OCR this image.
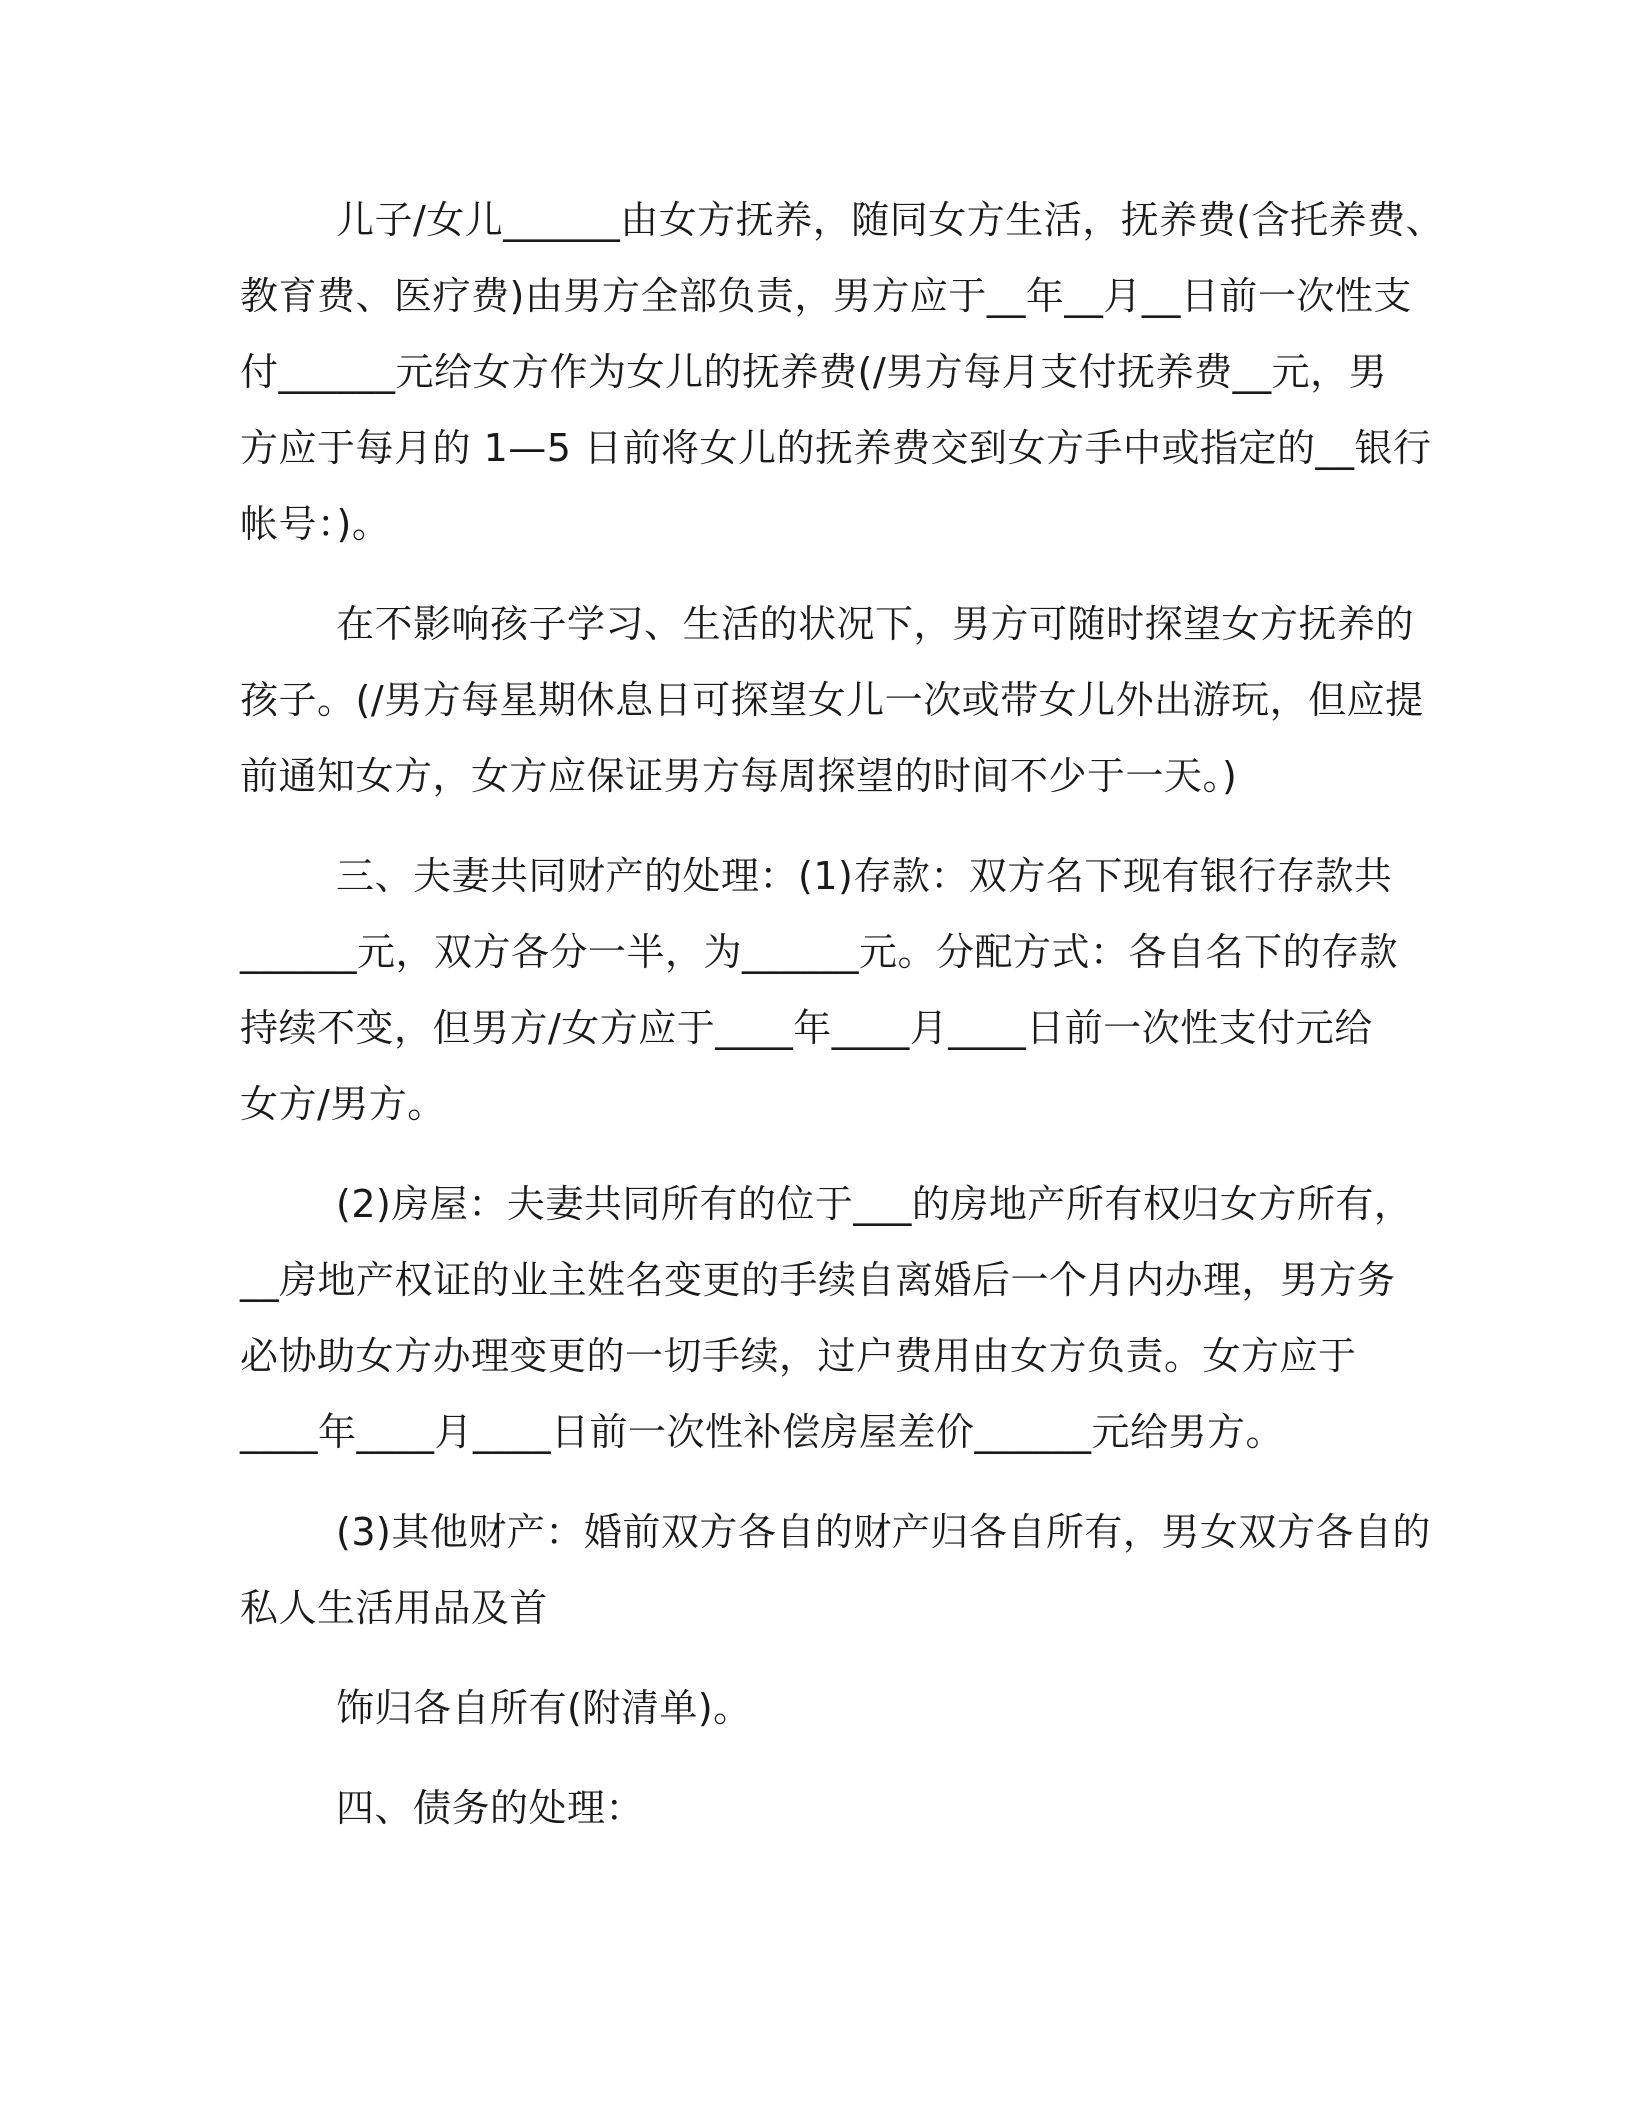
儿子/女儿______由女方抚养，随同女方生活，抚养费(含托养费、
教育费、医疗费)由男方全部负责，男方应于__年__月__日前一次性支
付______元给女方作为女儿的抚养费(/男方每月支付抚养费__元，男
方应于每月的 1—5 日前将女儿的抚养费交到女方手中或指定的__银行
帐号：)。

在不影响孩子学习、生活的状况下，男方可随时探望女方抚养的
孩子。(/男方每星期休息日可探望女儿一次或带女儿外出游玩，但应提
前通知女方，女方应保证男方每周探望的时间不少于一天。)

三、夫妻共同财产的处理：(1)存款：双方名下现有银行存款共
______元，双方各分一半，为______元。分配方式：各自名下的存款
持续不变，但男方/女方应于____年____月____日前一次性支付元给
女方/男方。

(2)房屋：夫妻共同所有的位于___的房地产所有权归女方所有，
__房地产权证的业主姓名变更的手续自离婚后一个月内办理，男方务
必协助女方办理变更的一切手续，过户费用由女方负责。女方应于
____年____月____日前一次性补偿房屋差价______元给男方。

(3)其他财产：婚前双方各自的财产归各自所有，男女双方各自的
私人生活用品及首

饰归各自所有(附清单)。

四、债务的处理：
